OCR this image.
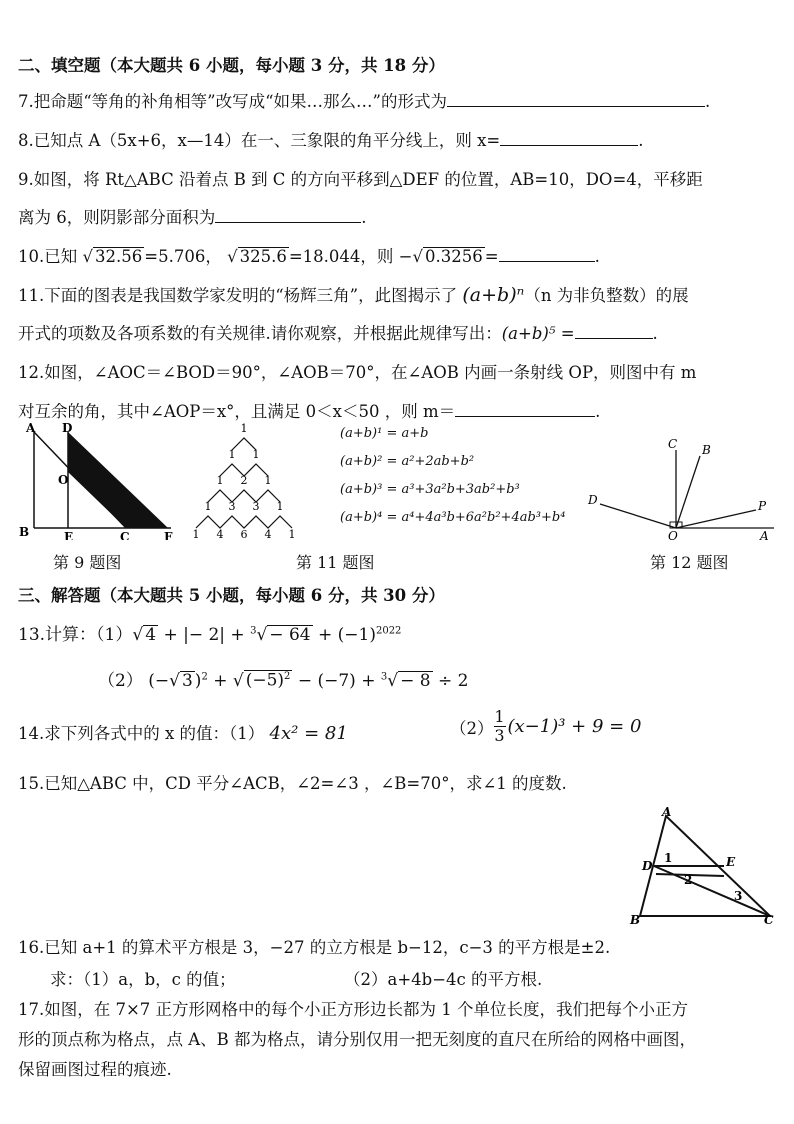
二、填空题（本大题共 6 小题，每小题 3 分，共 18 分）
7.把命题“等角的补角相等”改写成“如果…那么…”的形式为	.
8.已知点 A（5x+6，x—14）在一、三象限的角平分线上，则 x=	.
9.如图，将 Rt△ABC 沿着点 B 到 C 的方向平移到△DEF 的位置，AB=10，DO=4，平移距
离为 6，则阴影部分面积为	.
10.已知 √ 32.56 =5.706， √ 325.6 =18.044，则 −√ 0.3256 =	.
11.下面的图表是我国数学家发明的“杨辉三角”，此图揭示了 (a+b)ⁿ（n 为非负整数）的展
开式的项数及各项系数的有关规律.请你观察，并根据此规律写出：(a+b)⁵ =	.
12.如图，∠AOC＝∠BOD＝90°，∠AOB＝70°，在∠AOB 内画一条射线 OP，则图中有 m
对互余的角，其中∠AOP＝x°，且满足 0＜x＜50 ，则 m＝	.
A D
O
B	E	C	F
第 9 题图
1
1 1
1 2 1
1 3 3 1
1 4 6 4 1
(a+b)¹ = a+b
(a+b)² = a²+2ab+b²
(a+b)³ = a³+3a²b+3ab²+b³
(a+b)⁴ = a⁴+4a³b+6a²b²+4ab³+b⁴
第 11 题图
C B
D	P
O	A
第 12 题图
三、解答题（本大题共 5 小题，每小题 6 分，共 30 分）
13.计算：（1）√ 4 + |− $2| + ^3√ - 64 + (-1)^{2022}$
（2） (−√ 3 )$^2$ + √ $(-5)^2 - (-7) + ^3√ - 8 \div 2$
14.求下列各式中的 x 的值：（1） 4x² = 81	（2）
1
3 (x−1)³ + 9 = 0
15.已知△ABC 中，CD 平分∠ACB，∠2=∠3 ，∠B=70°，求∠1 的度数.
A
D
1	E
2
3
B	C
16.已知 a+1 的算术平方根是 3，−27 的立方根是 b−12，c−3 的平方根是±2.
求：（1）a，b，c 的值；	（2）a+4b−4c 的平方根.
17.如图，在 7×7 正方形网格中的每个小正方形边长都为 1 个单位长度，我们把每个小正方
形的顶点称为格点，点 A、B 都为格点，请分别仅用一把无刻度的直尺在所给的网格中画图，
保留画图过程的痕迹.
